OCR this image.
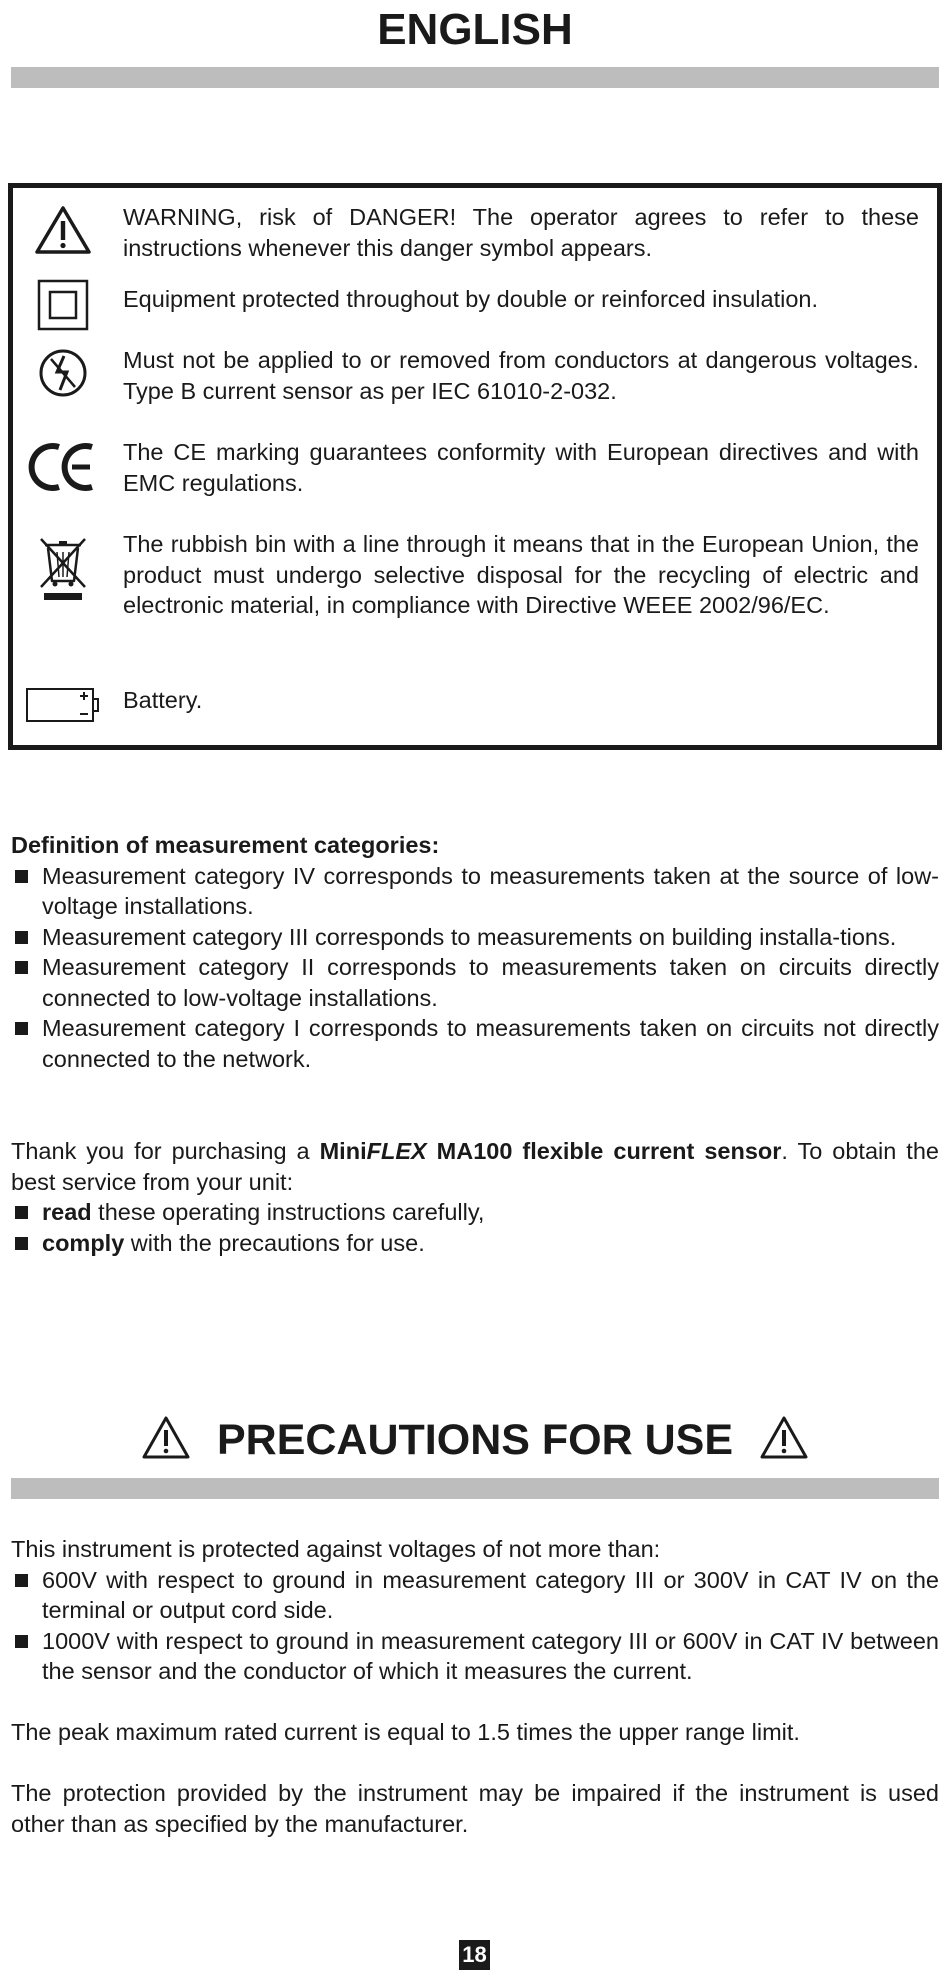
ENGLISH
WARNING, risk of DANGER! The operator agrees to refer to these instructions whenever this danger symbol appears.
Equipment protected throughout by double or reinforced insulation.
Must not be applied to or removed from conductors at dangerous voltages. Type B current sensor as per IEC 61010-2-032.
The CE marking guarantees conformity with European directives and with EMC regulations.
The rubbish bin with a line through it means that in the European Union, the product must undergo selective disposal for the recycling of electric and electronic material, in compliance with Directive WEEE 2002/96/EC.
Battery.

Definition of measurement categories:

Measurement category IV corresponds to measurements taken at the source of low-voltage installations.
Measurement category III corresponds to measurements on building installa-tions.
Measurement category II corresponds to measurements taken on circuits directly connected to low-voltage installations.
Measurement category I corresponds to measurements taken on circuits not directly connected to the network.

Thank you for purchasing a MiniFLEX MA100 flexible current sensor. To obtain the best service from your unit:

read these operating instructions carefully,
comply with the precautions for use.
PRECAUTIONS FOR USE

This instrument is protected against voltages of not more than:

600V with respect to ground in measurement category III or 300V in CAT IV on the terminal or output cord side.
1000V with respect to ground in measurement category III or 600V in CAT IV between the sensor and the conductor of which it measures the current.

The peak maximum rated current is equal to 1.5 times the upper range limit.

The protection provided by the instrument may be impaired if the instrument is used other than as specified by the manufacturer.

18
